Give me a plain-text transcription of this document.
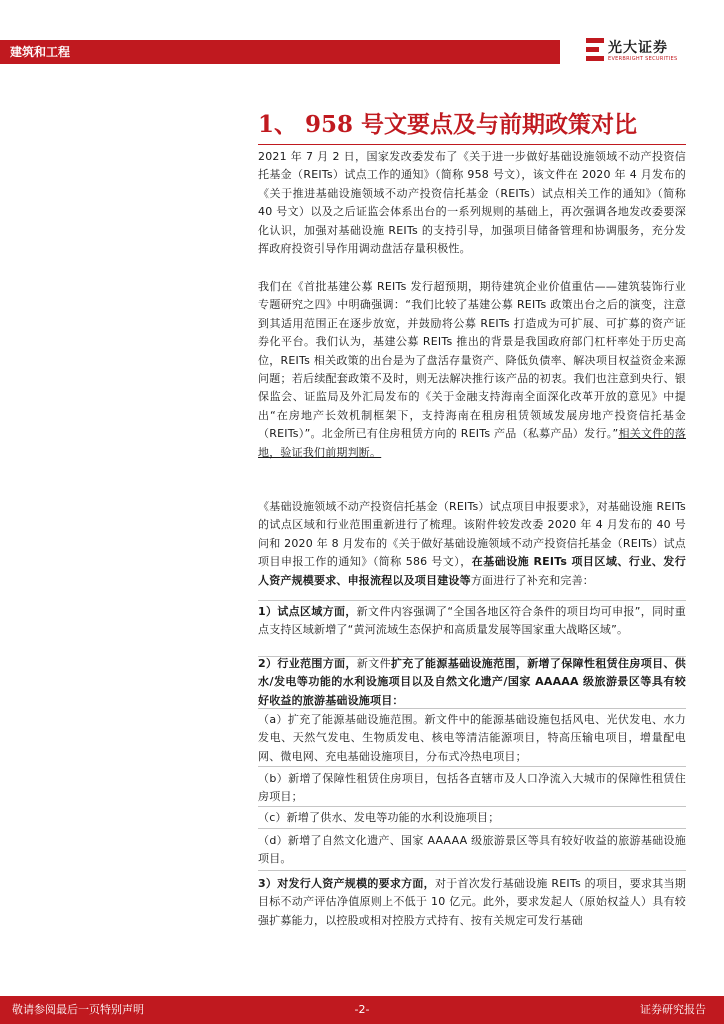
建筑和工程	光大证券
EVERBRIGHT SECURITIES
1、 958 号文要点及与前期政策对比

2021 年 7 月 2 日，国家发改委发布了《关于进一步做好基础设施领域不动产投资信托基金（REITs）试点工作的通知》（简称 958 号文），该文件在 2020 年 4 月发布的《关于推进基础设施领域不动产投资信托基金（REITs）试点相关工作的通知》（简称 40 号文）以及之后证监会体系出台的一系列规则的基础上，再次强调各地发改委要深化认识，加强对基础设施 REITs 的支持引导，加强项目储备管理和协调服务，充分发挥政府投资引导作用调动盘活存量积极性。

我们在《首批基建公募 REITs 发行超预期，期待建筑企业价值重估——建筑装饰行业专题研究之四》中明确强调：“我们比较了基建公募 REITs 政策出台之后的演变，注意到其适用范围正在逐步放宽，并鼓励将公募 REITs 打造成为可扩展、可扩募的资产证券化平台。我们认为，基建公募 REITs 推出的背景是我国政府部门杠杆率处于历史高位，REITs 相关政策的出台是为了盘活存量资产、降低负债率、解决项目权益资金来源问题；若后续配套政策不及时，则无法解决推行该产品的初衷。我们也注意到央行、银保监会、证监局及外汇局发布的《关于金融支持海南全面深化改革开放的意见》中提出“在房地产长效机制框架下，支持海南在租房租赁领域发展房地产投资信托基金（REITs）”。北金所已有住房租赁方向的 REITs 产品（私募产品）发行。”相关文件的落地，验证我们前期判断。

《基础设施领域不动产投资信托基金（REITs）试点项目申报要求》，对基础设施 REITs 的试点区域和行业范围重新进行了梳理。该附件较发改委 2020 年 4 月发布的 40 号问和 2020 年 8 月发布的《关于做好基础设施领域不动产投资信托基金（REITs）试点项目申报工作的通知》（简称 586 号文），在基础设施 REITs 项目区域、行业、发行人资产规模要求、申报流程以及项目建设等方面进行了补充和完善：

1）试点区域方面，新文件内容强调了“全国各地区符合条件的项目均可申报”，同时重点支持区域新增了“黄河流域生态保护和高质量发展等国家重大战略区域”。

2）行业范围方面，新文件扩充了能源基础设施范围，新增了保障性租赁住房项目、供水/发电等功能的水利设施项目以及自然文化遗产/国家 AAAAA 级旅游景区等具有较好收益的旅游基础设施项目：

（a）扩充了能源基础设施范围。新文件中的能源基础设施包括风电、光伏发电、水力发电、天然气发电、生物质发电、核电等清洁能源项目，特高压输电项目，增量配电网、微电网、充电基础设施项目，分布式冷热电项目；

（b）新增了保障性租赁住房项目，包括各直辖市及人口净流入大城市的保障性租赁住房项目；

（c）新增了供水、发电等功能的水利设施项目；

（d）新增了自然文化遗产、国家 AAAAA 级旅游景区等具有较好收益的旅游基础设施项目。

3）对发行人资产规模的要求方面，对于首次发行基础设施 REITs 的项目，要求其当期目标不动产评估净值原则上不低于 10 亿元。此外，要求发起人（原始权益人）具有较强扩募能力，以控股或相对控股方式持有、按有关规定可发行基础

敬请参阅最后一页特别声明	-2-	证券研究报告
